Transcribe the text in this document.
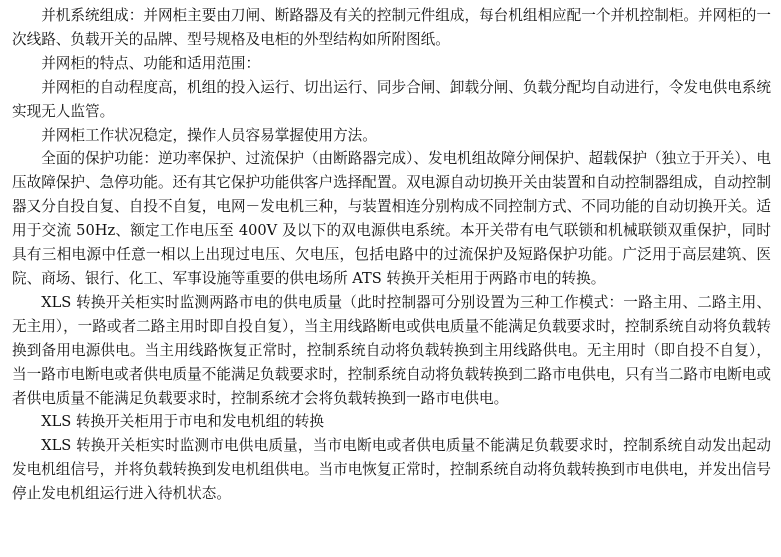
并机系统组成：并网柜主要由刀闸、断路器及有关的控制元件组成，每台机组相应配一个并机控制柜。并网柜的一次线路、负载开关的品牌、型号规格及电柜的外型结构如所附图纸。

并网柜的特点、功能和适用范围：

并网柜的自动程度高，机组的投入运行、切出运行、同步合闸、卸载分闸、负载分配均自动进行，令发电供电系统实现无人监管。

并网柜工作状况稳定，操作人员容易掌握使用方法。

全面的保护功能：逆功率保护、过流保护（由断路器完成）、发电机组故障分闸保护、超载保护（独立于开关）、电压故障保护、急停功能。还有其它保护功能供客户选择配置。双电源自动切换开关由装置和自动控制器组成，自动控制器又分自投自复、自投不自复，电网－发电机三种，与装置相连分别构成不同控制方式、不同功能的自动切换开关。适用于交流 50Hz、额定工作电压至 400V 及以下的双电源供电系统。本开关带有电气联锁和机械联锁双重保护，同时具有三相电源中任意一相以上出现过电压、欠电压，包括电路中的过流保护及短路保护功能。广泛用于高层建筑、医院、商场、银行、化工、军事设施等重要的供电场所 ATS 转换开关柜用于两路市电的转换。

XLS 转换开关柜实时监测两路市电的供电质量（此时控制器可分别设置为三种工作模式：一路主用、二路主用、无主用），一路或者二路主用时即自投自复），当主用线路断电或供电质量不能满足负载要求时，控制系统自动将负载转换到备用电源供电。当主用线路恢复正常时，控制系统自动将负载转换到主用线路供电。无主用时（即自投不自复），当一路市电断电或者供电质量不能满足负载要求时，控制系统自动将负载转换到二路市电供电，只有当二路市电断电或者供电质量不能满足负载要求时，控制系统才会将负载转换到一路市电供电。

XLS 转换开关柜用于市电和发电机组的转换

XLS 转换开关柜实时监测市电供电质量，当市电断电或者供电质量不能满足负载要求时，控制系统自动发出起动发电机组信号，并将负载转换到发电机组供电。当市电恢复正常时，控制系统自动将负载转换到市电供电，并发出信号停止发电机组运行进入待机状态。
